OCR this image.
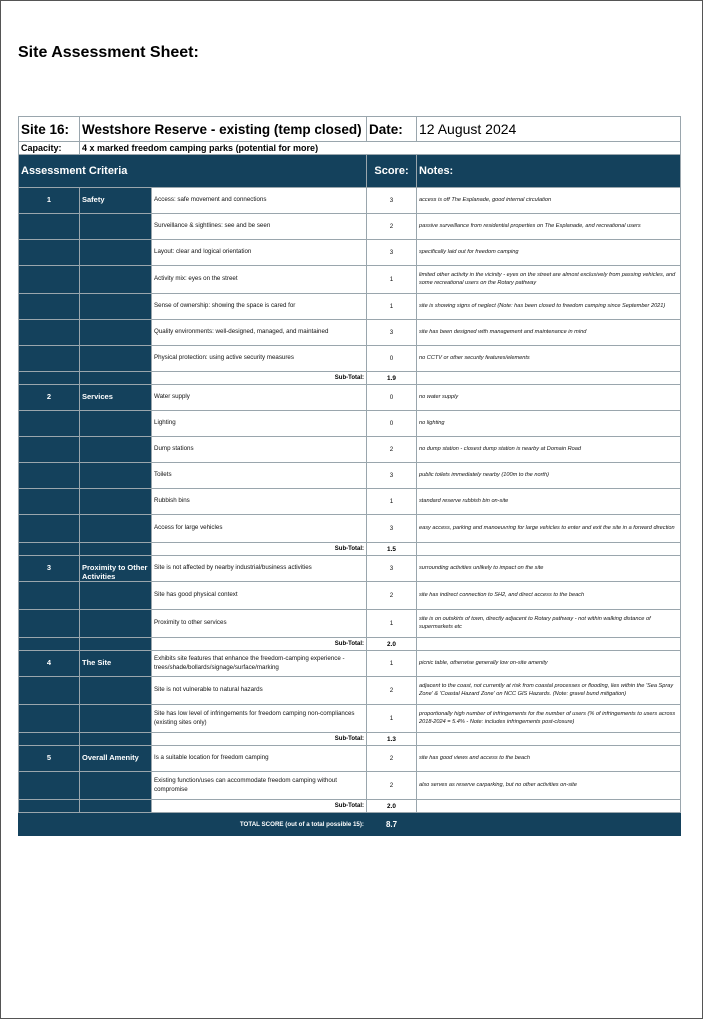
Site Assessment Sheet:
Site 16:	Westshore Reserve - existing (temp closed)		Date:	12 August 2024
Capacity:	4 x marked freedom camping parks (potential for more)			
Assessment Criteria			Score:	Notes:
1	Safety	Access: safe movement and connections	3	access is off The Esplanade, good internal circulation
		Surveillance & sightlines: see and be seen	2	passive surveillance from residential properties on The Esplanade, and recreational users
		Layout: clear and logical orientation	3	specifically laid out for freedom camping
		Activity mix: eyes on the street	1	limited other activity in the vicinity - eyes on the street are almost exclusively from passing vehicles, and some recreational users on the Rotary pathway
		Sense of ownership: showing the space is cared for	1	site is showing signs of neglect (Note: has been closed to freedom camping since September 2021)
		Quality environments: well-designed, managed, and maintained	3	site has been designed with management and maintenance in mind
		Physical protection: using active security measures	0	no CCTV or other security features/elements
		Sub-Total:	1.9	
2	Services	Water supply	0	no water supply
		Lighting	0	no lighting
		Dump stations	2	no dump station - closest dump station is nearby at Domain Road
		Toilets	3	public toilets immediately nearby (100m to the north)
		Rubbish bins	1	standard reserve rubbish bin on-site
		Access for large vehicles	3	easy access, parking and manoeuvring for large vehicles to enter and exit the site in a forward direction
		Sub-Total:	1.5	
3	Proximity to Other Activities	Site is not affected by nearby industrial/business activities	3	surrounding activities unlikely to impact on the site
		Site has good physical context	2	site has indirect connection to SH2, and direct access to the beach
		Proximity to other services	1	site is on outskirts of town, directly adjacent to Rotary pathway - not within walking distance of supermarkets etc
		Sub-Total:	2.0	
4	The Site	Exhibits site features that enhance the freedom-camping experience - trees/shade/bollards/signage/surface/marking	1	picnic table, otherwise generally low on-site amenity
		Site is not vulnerable to natural hazards	2	adjacent to the coast, not currently at risk from coastal processes or flooding, lies within the 'Sea Spray Zone' & 'Coastal Hazard Zone' on NCC GIS Hazards. (Note: gravel bund mitigation)
		Site has low level of infringements for freedom camping non-compliances (existing sites only)	1	proportionally high number of infringements for the number of users (% of infringements to users across 2018-2024 = 5.4% - Note: includes infringements post-closure)
		Sub-Total:	1.3	
5	Overall Amenity	Is a suitable location for freedom camping	2	site has good views and access to the beach
		Existing function/uses can accommodate freedom camping without compromise	2	also serves as reserve carparking, but no other activities on-site
		Sub-Total:	2.0	
		TOTAL SCORE (out of a total possible 15):	8.7	
